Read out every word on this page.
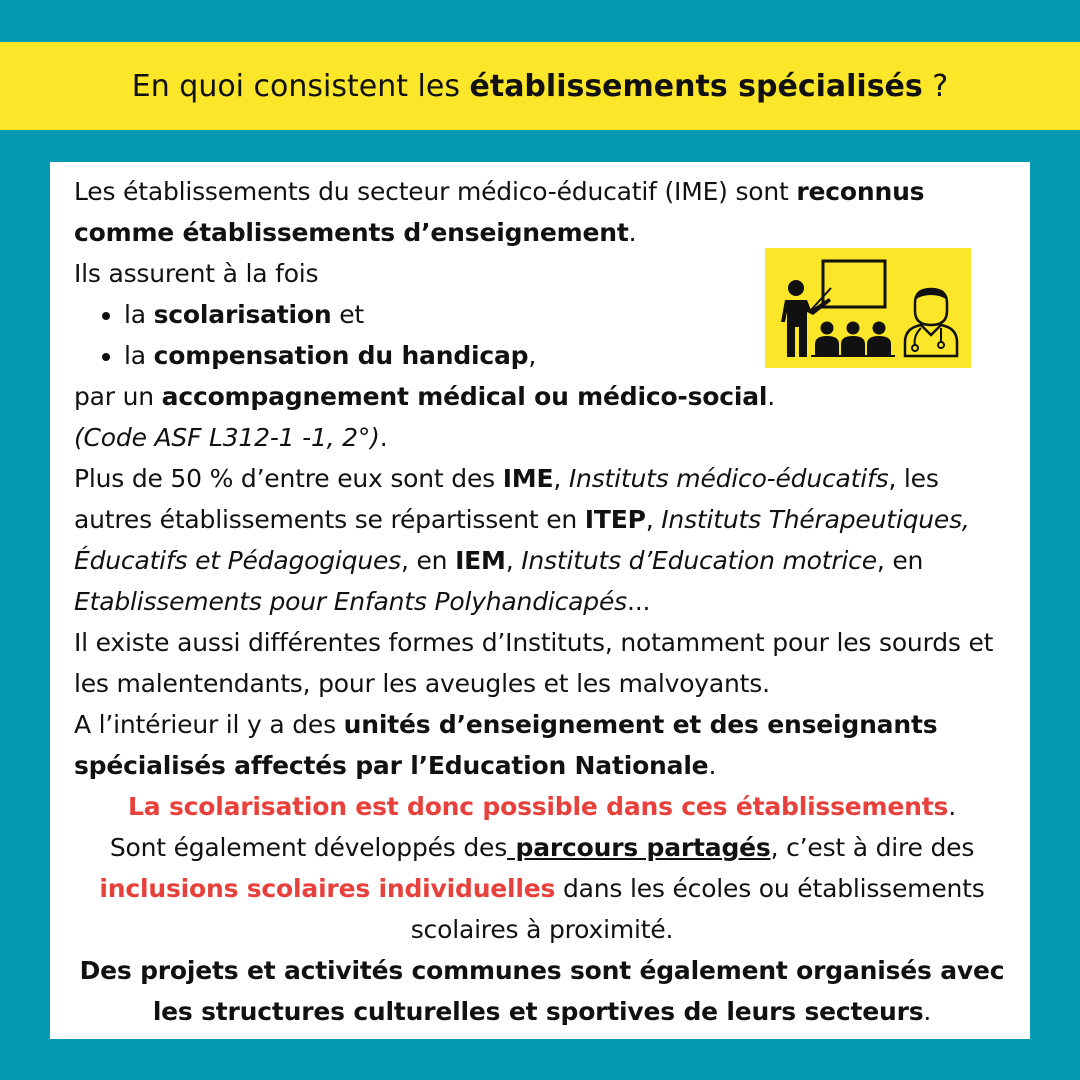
En quoi consistent les établissements spécialisés ?

Les établissements du secteur médico-éducatif (IME) sont reconnus comme établissements d’enseignement.

Ils assurent à la fois

• la scolarisation et
• la compensation du handicap,

par un accompagnement médical ou médico-social.

(Code ASF L312-1 -1, 2°).

Plus de 50 % d’entre eux sont des IME, Instituts médico-éducatifs, les autres établissements se répartissent en ITEP, Instituts Thérapeutiques, Éducatifs et Pédagogiques, en IEM, Instituts d’Education motrice, en Etablissements pour Enfants Polyhandicapés...

Il existe aussi différentes formes d’Instituts, notamment pour les sourds et les malentendants, pour les aveugles et les malvoyants.

A l’intérieur il y a des unités d’enseignement et des enseignants spécialisés affectés par l’Education Nationale.

La scolarisation est donc possible dans ces établissements.

Sont également développés des parcours partagés, c’est à dire des inclusions scolaires individuelles dans les écoles ou établissements scolaires à proximité.

Des projets et activités communes sont également organisés avec les structures culturelles et sportives de leurs secteurs.
